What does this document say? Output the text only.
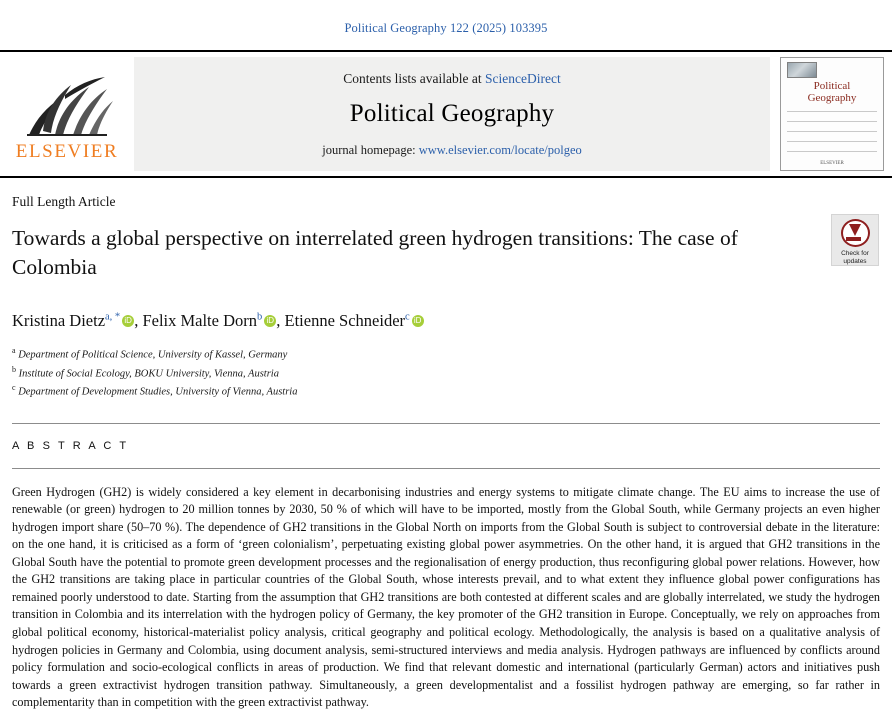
Political Geography 122 (2025) 103395
ELSEVIER
Contents lists available at ScienceDirect
Political Geography
journal homepage: www.elsevier.com/locate/polgeo
Political
Geography
ELSEVIER
Check for updates
Full Length Article
Towards a global perspective on interrelated green hydrogen transitions: The case of Colombia
Kristina Dietz$^{a, *}$ iD , Felix Malte Dorn$^b$ iD , Etienne Schneider$^c$iD
$^a$ Department of Political Science, University of Kassel, Germany
$^b$ Institute of Social Ecology, BOKU University, Vienna, Austria
$^c$ Department of Development Studies, University of Vienna, Austria
A B S T R A C T
Green Hydrogen (GH2) is widely considered a key element in decarbonising industries and energy systems to mitigate climate change. The EU aims to increase the use of renewable (or green) hydrogen to 20 million tonnes by 2030, 50 % of which will have to be imported, mostly from the Global South, while Germany projects an even higher hydrogen import share (50–70 %). The dependence of GH2 transitions in the Global North on imports from the Global South is subject to controversial debate in the literature: on the one hand, it is criticised as a form of ‘green colonialism’, perpetuating existing global power asymmetries. On the other hand, it is argued that GH2 transitions in the Global South have the potential to promote green development processes and the regionalisation of energy production, thus reconfiguring global power relations. However, how the GH2 transitions are taking place in particular countries of the Global South, whose interests prevail, and to what extent they influence global power configurations has remained poorly understood to date. Starting from the assumption that GH2 transitions are both contested at different scales and are globally interrelated, we study the hydrogen transition in Colombia and its interrelation with the hydrogen policy of Germany, the key promoter of the GH2 transition in Europe. Conceptually, we rely on approaches from global political economy, historical-materialist policy analysis, critical geography and political ecology. Methodologically, the analysis is based on a qualitative analysis of hydrogen policies in Germany and Colombia, using document analysis, semi-structured interviews and media analysis. Hydrogen pathways are influenced by conflicts around policy formulation and socio-ecological conflicts in areas of production. We find that relevant domestic and international (particularly German) actors and initiatives push towards a green extractivist hydrogen transition pathway. Simultaneously, a green developmentalist and a fossilist hydrogen pathway are emerging, so far rather in complementarity than in competition with the green extractivist pathway.
